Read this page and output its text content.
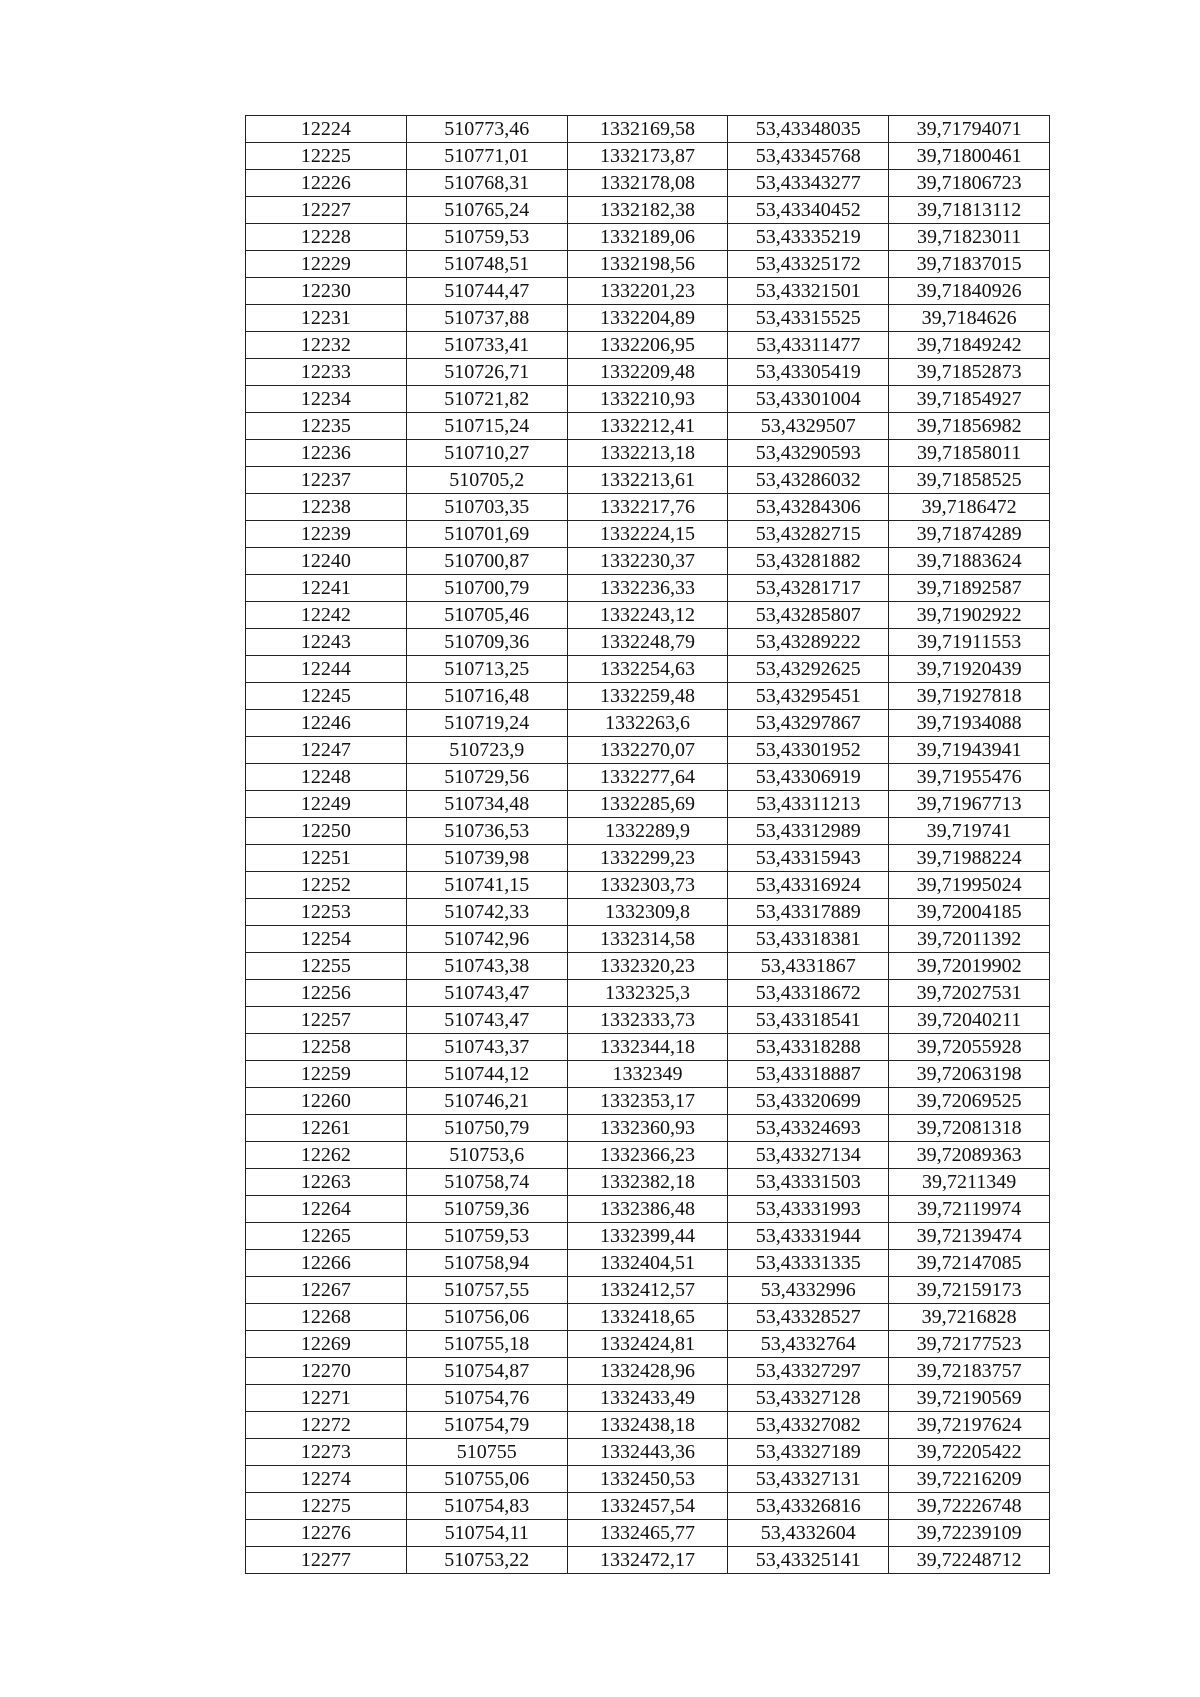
12224	510773,46	1332169,58	53,43348035	39,71794071
12225	510771,01	1332173,87	53,43345768	39,71800461
12226	510768,31	1332178,08	53,43343277	39,71806723
12227	510765,24	1332182,38	53,43340452	39,71813112
12228	510759,53	1332189,06	53,43335219	39,71823011
12229	510748,51	1332198,56	53,43325172	39,71837015
12230	510744,47	1332201,23	53,43321501	39,71840926
12231	510737,88	1332204,89	53,43315525	39,7184626
12232	510733,41	1332206,95	53,43311477	39,71849242
12233	510726,71	1332209,48	53,43305419	39,71852873
12234	510721,82	1332210,93	53,43301004	39,71854927
12235	510715,24	1332212,41	53,4329507	39,71856982
12236	510710,27	1332213,18	53,43290593	39,71858011
12237	510705,2	1332213,61	53,43286032	39,71858525
12238	510703,35	1332217,76	53,43284306	39,7186472
12239	510701,69	1332224,15	53,43282715	39,71874289
12240	510700,87	1332230,37	53,43281882	39,71883624
12241	510700,79	1332236,33	53,43281717	39,71892587
12242	510705,46	1332243,12	53,43285807	39,71902922
12243	510709,36	1332248,79	53,43289222	39,71911553
12244	510713,25	1332254,63	53,43292625	39,71920439
12245	510716,48	1332259,48	53,43295451	39,71927818
12246	510719,24	1332263,6	53,43297867	39,71934088
12247	510723,9	1332270,07	53,43301952	39,71943941
12248	510729,56	1332277,64	53,43306919	39,71955476
12249	510734,48	1332285,69	53,43311213	39,71967713
12250	510736,53	1332289,9	53,43312989	39,719741
12251	510739,98	1332299,23	53,43315943	39,71988224
12252	510741,15	1332303,73	53,43316924	39,71995024
12253	510742,33	1332309,8	53,43317889	39,72004185
12254	510742,96	1332314,58	53,43318381	39,72011392
12255	510743,38	1332320,23	53,4331867	39,72019902
12256	510743,47	1332325,3	53,43318672	39,72027531
12257	510743,47	1332333,73	53,43318541	39,72040211
12258	510743,37	1332344,18	53,43318288	39,72055928
12259	510744,12	1332349	53,43318887	39,72063198
12260	510746,21	1332353,17	53,43320699	39,72069525
12261	510750,79	1332360,93	53,43324693	39,72081318
12262	510753,6	1332366,23	53,43327134	39,72089363
12263	510758,74	1332382,18	53,43331503	39,7211349
12264	510759,36	1332386,48	53,43331993	39,72119974
12265	510759,53	1332399,44	53,43331944	39,72139474
12266	510758,94	1332404,51	53,43331335	39,72147085
12267	510757,55	1332412,57	53,4332996	39,72159173
12268	510756,06	1332418,65	53,43328527	39,7216828
12269	510755,18	1332424,81	53,4332764	39,72177523
12270	510754,87	1332428,96	53,43327297	39,72183757
12271	510754,76	1332433,49	53,43327128	39,72190569
12272	510754,79	1332438,18	53,43327082	39,72197624
12273	510755	1332443,36	53,43327189	39,72205422
12274	510755,06	1332450,53	53,43327131	39,72216209
12275	510754,83	1332457,54	53,43326816	39,72226748
12276	510754,11	1332465,77	53,4332604	39,72239109
12277	510753,22	1332472,17	53,43325141	39,72248712
